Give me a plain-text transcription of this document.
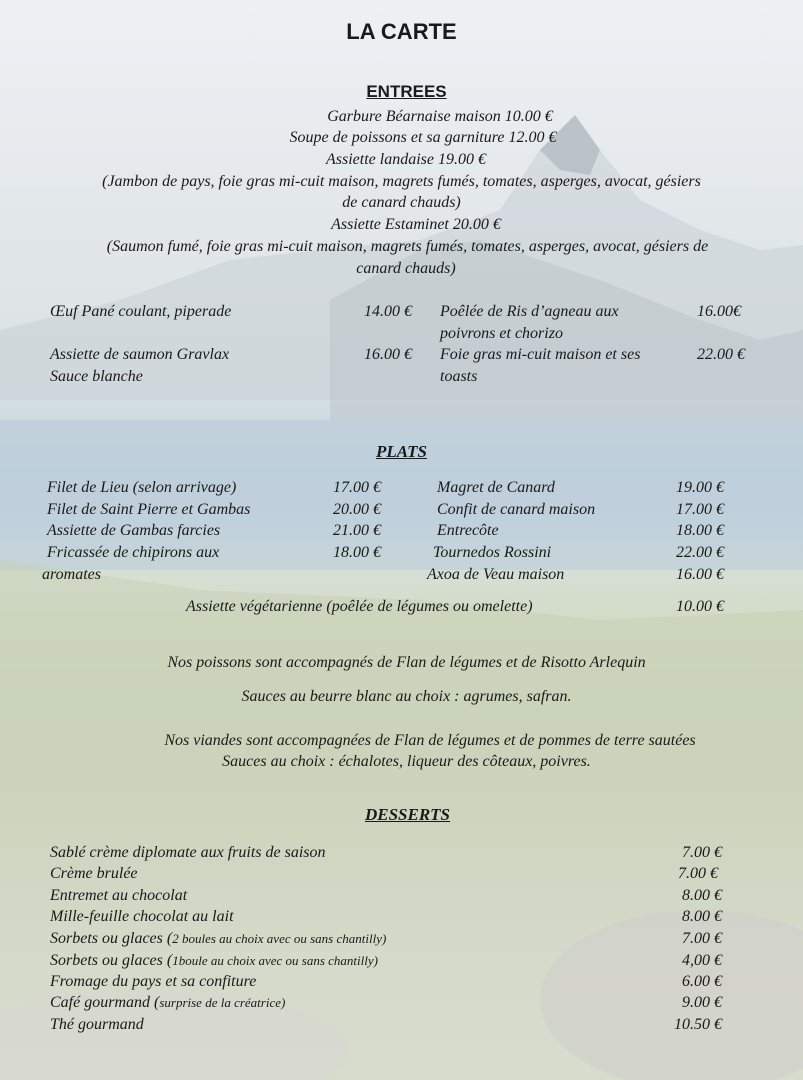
LA CARTE
ENTREES
Garbure Béarnaise maison 10.00 €
Soupe de poissons et sa garniture 12.00 €
Assiette landaise 19.00 €
(Jambon de pays, foie gras mi-cuit maison, magrets fumés, tomates, asperges, avocat, gésiers
de canard chauds)
Assiette Estaminet 20.00 €
(Saumon fumé, foie gras mi-cuit maison, magrets fumés, tomates, asperges, avocat, gésiers de
canard chauds)
Œuf Pané coulant, piperade	14.00 €
Assiette de saumon Gravlax
Sauce blanche
16.00 €
Poêlée de Ris d’agneau aux
poivrons et chorizo
16.00€
Foie gras mi-cuit maison et ses
toasts
22.00 €
PLATS
Filet de Lieu (selon arrivage)
Filet de Saint Pierre et Gambas
Assiette de Gambas farcies
Fricassée de chipirons aux
aromates
17.00 €
20.00 €
21.00 €
18.00 €
Magret de Canard
Confit de canard maison
Entrecôte
Tournedos Rossini
Axoa de Veau maison
19.00 €
17.00 €
18.00 €
22.00 €
16.00 €
Assiette végétarienne (poêlée de légumes ou omelette)	10.00 €
Nos poissons sont accompagnés de Flan de légumes et de Risotto Arlequin
Sauces au beurre blanc au choix : agrumes, safran.
Nos viandes sont accompagnées de Flan de légumes et de pommes de terre sautées
Sauces au choix : échalotes, liqueur des côteaux, poivres.
DESSERTS
Sablé crème diplomate aux fruits de saison
Crème brulée
Entremet au chocolat
Mille-feuille chocolat au lait
Sorbets ou glaces (2 boules au choix avec ou sans chantilly)
Sorbets ou glaces (1boule au choix avec ou sans chantilly)
Fromage du pays et sa confiture
Café gourmand (surprise de la créatrice)
Thé gourmand
7.00 €
7.00 €
8.00 €
8.00 €
7.00 €
4,00 €
6.00 €
9.00 €
10.50 €
